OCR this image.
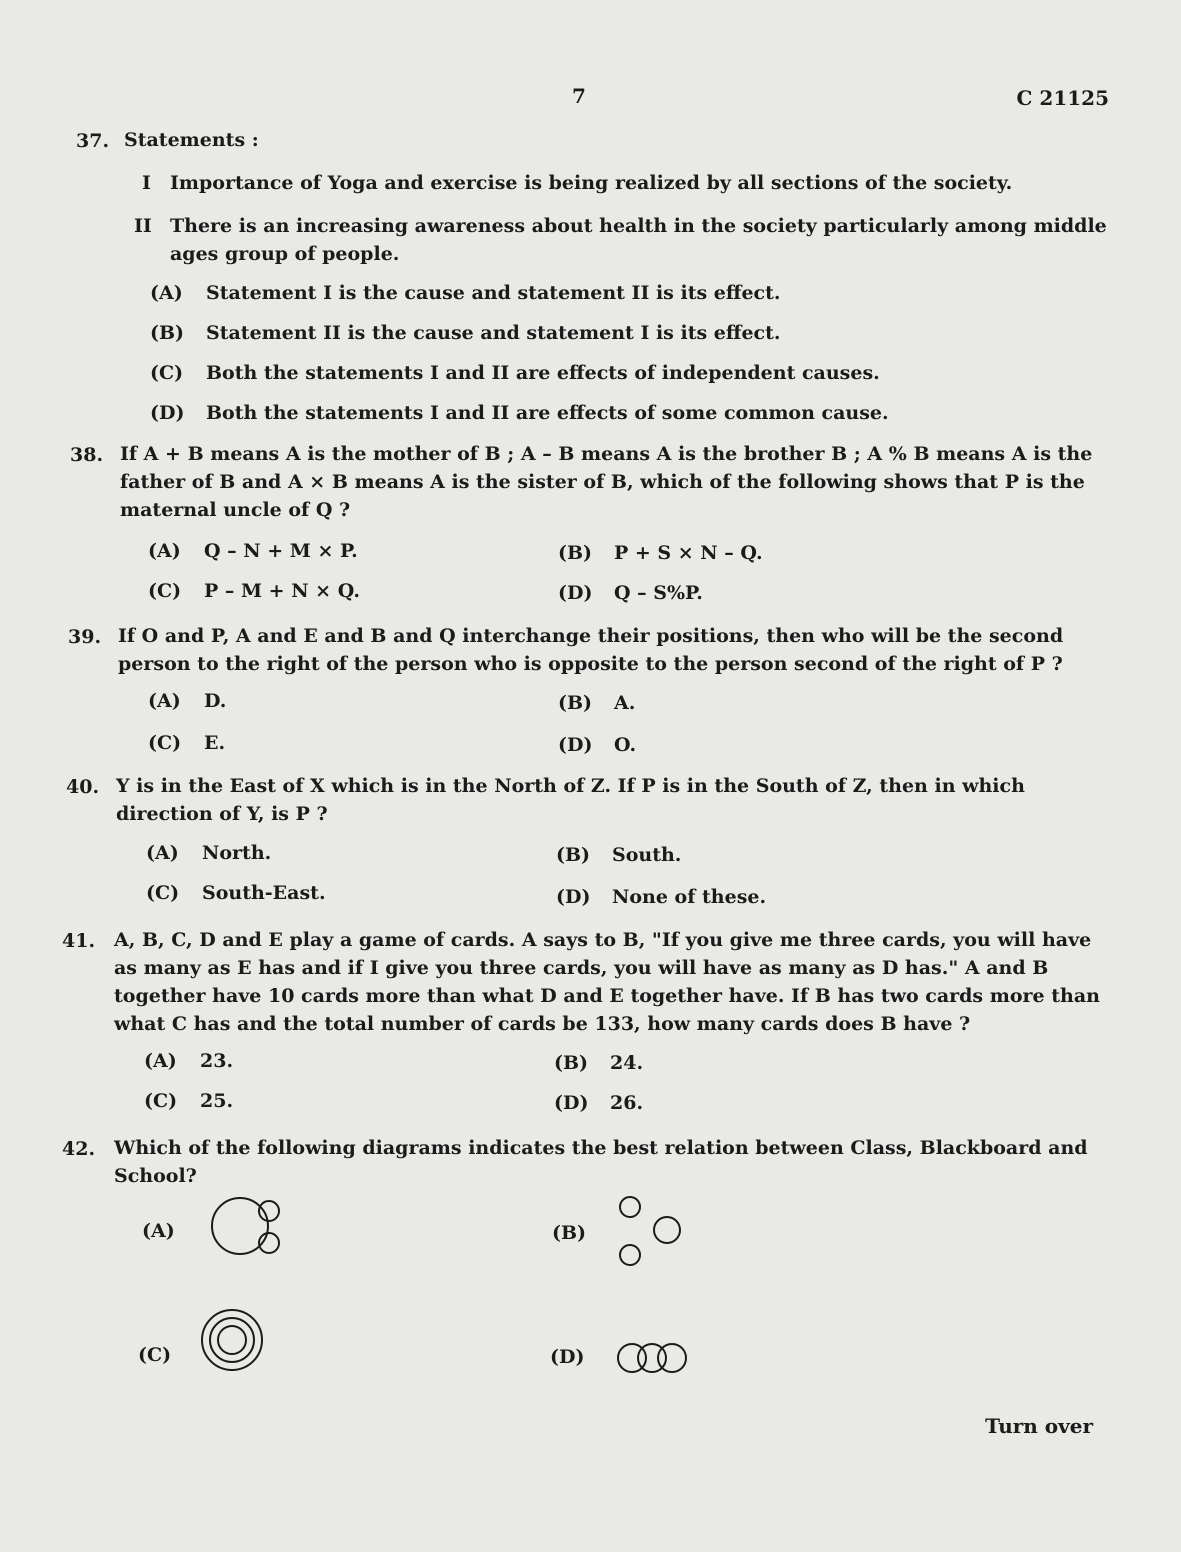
7	C 21125
37. Statements :
I	Importance of Yoga and exercise is being realized by all sections of the society.
II There is an increasing awareness about health in the society particularly among middle ages group of people.
(A)	Statement I is the cause and statement II is its effect.
(B)	Statement II is the cause and statement I is its effect.
(C)	Both the statements I and II are effects of independent causes.
(D)	Both the statements I and II are effects of some common cause.
38. If A + B means A is the mother of B ; A – B means A is the brother B ; A % B means A is the father of B and A × B means A is the sister of B, which of the following shows that P is the maternal uncle of Q ?
(A)	Q – N + M × P.	(B)	P + S × N – Q.
(C)	P – M + N × Q.	(D)	Q – S%P.
39. If O and P, A and E and B and Q interchange their positions, then who will be the second person to the right of the person who is opposite to the person second of the right of P ?
(A)	D.	(B)	A.
(C)	E.	(D)	O.
40. Y is in the East of X which is in the North of Z. If P is in the South of Z, then in which direction of Y, is P ?
(A)	North.	(B)	South.
(C)	South-East.	(D)	None of these.
41. A, B, C, D and E play a game of cards. A says to B, "If you give me three cards, you will have as many as E has and if I give you three cards, you will have as many as D has." A and B together have 10 cards more than what D and E together have. If B has two cards more than what C has and the total number of cards be 133, how many cards does B have ?
(A)	23.	(B)	24.
(C)	25.	(D)	26.
42. Which of the following diagrams indicates the best relation between Class, Blackboard and School?
(A)	(B)
(C)	(D)
Turn over
